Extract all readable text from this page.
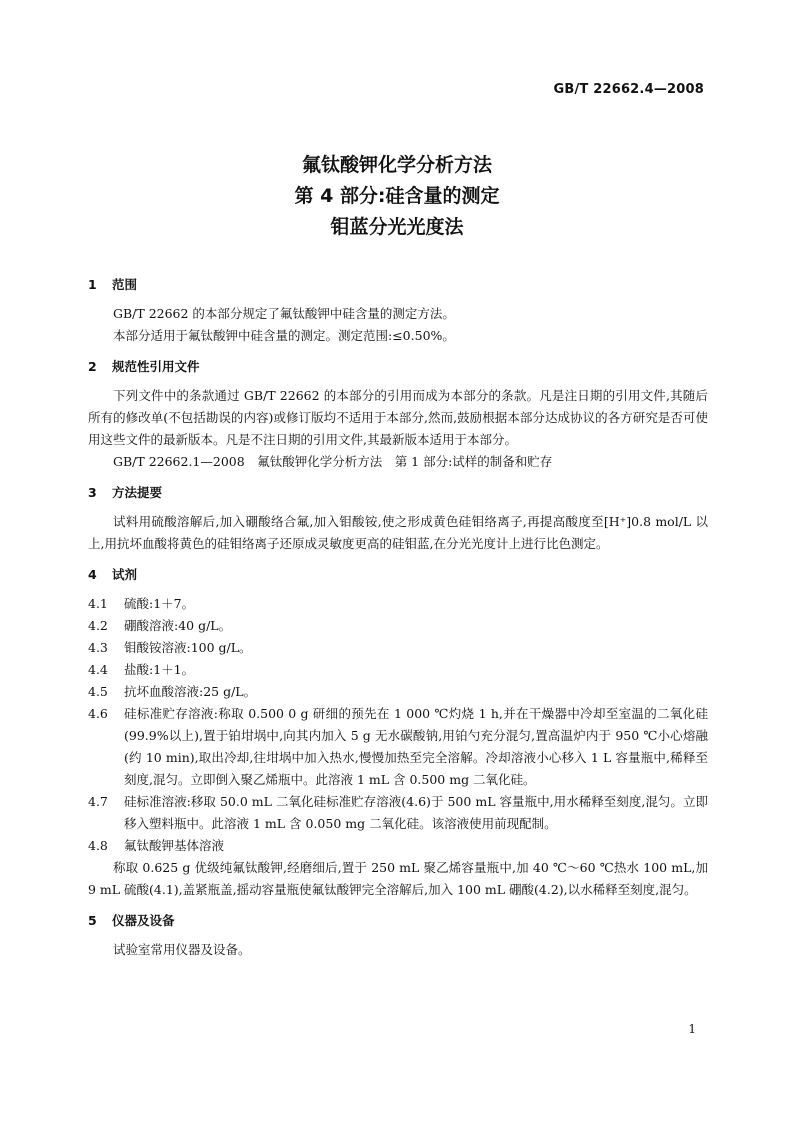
GB/T 22662.4—2008
氟钛酸钾化学分析方法
第 4 部分:硅含量的测定
钼蓝分光光度法
1 范围
GB/T 22662 的本部分规定了氟钛酸钾中硅含量的测定方法。
本部分适用于氟钛酸钾中硅含量的测定。测定范围:≤0.50%。
2 规范性引用文件
下列文件中的条款通过 GB/T 22662 的本部分的引用而成为本部分的条款。凡是注日期的引用文件,其随后所有的修改单(不包括勘误的内容)或修订版均不适用于本部分,然而,鼓励根据本部分达成协议的各方研究是否可使用这些文件的最新版本。凡是不注日期的引用文件,其最新版本适用于本部分。
GB/T 22662.1—2008　氟钛酸钾化学分析方法　第 1 部分:试样的制备和贮存
3 方法提要
试料用硫酸溶解后,加入硼酸络合氟,加入钼酸铵,使之形成黄色硅钼络离子,再提高酸度至[H⁺]0.8 mol/L 以上,用抗坏血酸将黄色的硅钼络离子还原成灵敏度更高的硅钼蓝,在分光光度计上进行比色测定。
4 试剂
4.1	硫酸:1＋7。
4.2	硼酸溶液:40 g/L。
4.3	钼酸铵溶液:100 g/L。
4.4	盐酸:1＋1。
4.5	抗坏血酸溶液:25 g/L。
4.6	硅标准贮存溶液:称取 0.500 0 g 研细的预先在 1 000 ℃灼烧 1 h,并在干燥器中冷却至室温的二氧化硅(99.9%以上),置于铂坩埚中,向其内加入 5 g 无水碳酸钠,用铂勺充分混匀,置高温炉内于 950 ℃小心熔融(约 10 min),取出冷却,往坩埚中加入热水,慢慢加热至完全溶解。冷却溶液小心移入 1 L 容量瓶中,稀释至刻度,混匀。立即倒入聚乙烯瓶中。此溶液 1 mL 含 0.500 mg 二氧化硅。
4.7	硅标准溶液:移取 50.0 mL 二氧化硅标准贮存溶液(4.6)于 500 mL 容量瓶中,用水稀释至刻度,混匀。立即移入塑料瓶中。此溶液 1 mL 含 0.050 mg 二氧化硅。该溶液使用前现配制。
4.8	氟钛酸钾基体溶液
称取 0.625 g 优级纯氟钛酸钾,经磨细后,置于 250 mL 聚乙烯容量瓶中,加 40 ℃～60 ℃热水 100 mL,加 9 mL 硫酸(4.1),盖紧瓶盖,摇动容量瓶使氟钛酸钾完全溶解后,加入 100 mL 硼酸(4.2),以水稀释至刻度,混匀。
5 仪器及设备
试验室常用仪器及设备。
1
